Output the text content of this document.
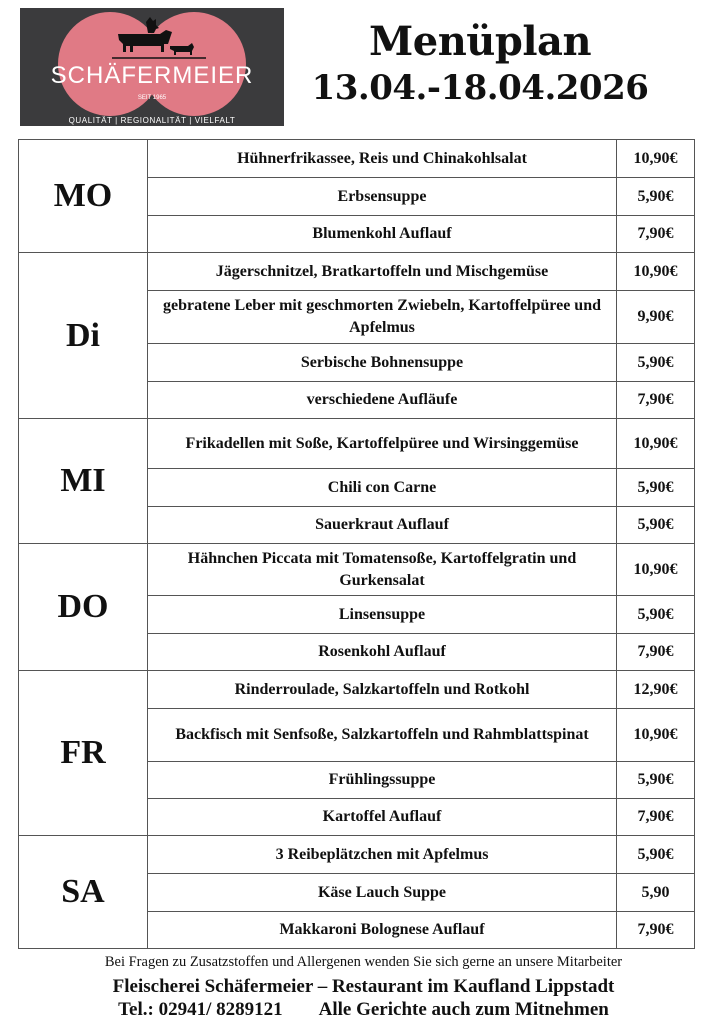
SCHÄFERMEIER
SEIT 1965
QUALITÄT | REGIONALITÄT | VIELFALT
Menüplan
13.04.-18.04.2026
MO	Hühnerfrikassee, Reis und Chinakohlsalat	10,90€
	Erbsensuppe	5,90€
	Blumenkohl Auflauf	7,90€
Di	Jägerschnitzel, Bratkartoffeln und Mischgemüse	10,90€
	gebratene Leber mit geschmorten Zwiebeln, Kartoffelpüree und Apfelmus	9,90€
	Serbische Bohnensuppe	5,90€
	verschiedene Aufläufe	7,90€
MI	Frikadellen mit Soße, Kartoffelpüree und Wirsinggemüse	10,90€
	Chili con Carne	5,90€
	Sauerkraut Auflauf	5,90€
DO	Hähnchen Piccata mit Tomatensoße, Kartoffelgratin und Gurkensalat	10,90€
	Linsensuppe	5,90€
	Rosenkohl Auflauf	7,90€
FR	Rinderroulade, Salzkartoffeln und Rotkohl	12,90€
	Backfisch mit Senfsoße, Salzkartoffeln und Rahmblattspinat	10,90€
	Frühlingssuppe	5,90€
	Kartoffel Auflauf	7,90€
SA	3 Reibeplätzchen mit Apfelmus	5,90€
	Käse Lauch Suppe	5,90
	Makkaroni Bolognese Auflauf	7,90€
Bei Fragen zu Zusatzstoffen und Allergenen wenden Sie sich gerne an unsere Mitarbeiter
Fleischerei Schäfermeier – Restaurant im Kaufland Lippstadt
Tel.: 02941/ 8289121 Alle Gerichte auch zum Mitnehmen
